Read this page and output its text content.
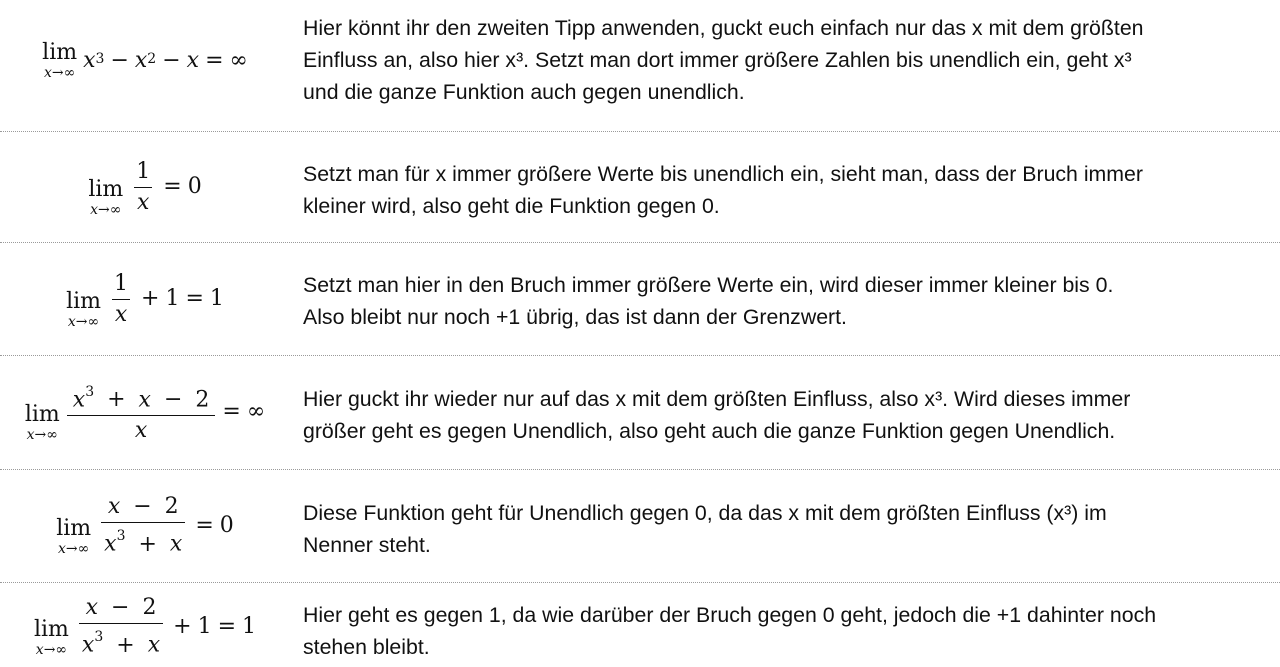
lim
x→∞ $x^3 - x^2 - x$ = ∞
Hier könnt ihr den zweiten Tipp anwenden, guckt euch einfach nur das x mit dem größten
Einfluss an, also hier x³. Setzt man dort immer größere Zahlen bis unendlich ein, geht x³
und die ganze Funktion auch gegen unendlich.
lim
$x\to\infty \frac{1}{x} = 0$	Setzt man für x immer größere Werte bis unendlich ein, sieht man, dass der Bruch immer
kleiner wird, also geht die Funktion gegen 0.
lim
$x\to\infty \frac{1}{x} + 1 = 1$
Setzt man hier in den Bruch immer größere Werte ein, wird dieser immer kleiner bis 0.
Also bleibt nur noch +1 übrig, das ist dann der Grenzwert.
lim
$x\to\infty \frac{x^3 + x - 2}{x}$ = ∞
Hier guckt ihr wieder nur auf das x mit dem größten Einfluss, also x³. Wird dieses immer
größer geht es gegen Unendlich, also geht auch die ganze Funktion gegen Unendlich.
lim
$x\to\infty \frac{x - 2}{x^3 + x} = 0$	Diese Funktion geht für Unendlich gegen 0, da das x mit dem größten Einfluss (x³) im
Nenner steht.
lim
$x\to\infty \frac{x - 2}{x^3 + x} + 1 = 1$ Hier geht es gegen 1, da wie darüber der Bruch gegen 0 geht, jedoch die +1 dahinter noch
stehen bleibt.
